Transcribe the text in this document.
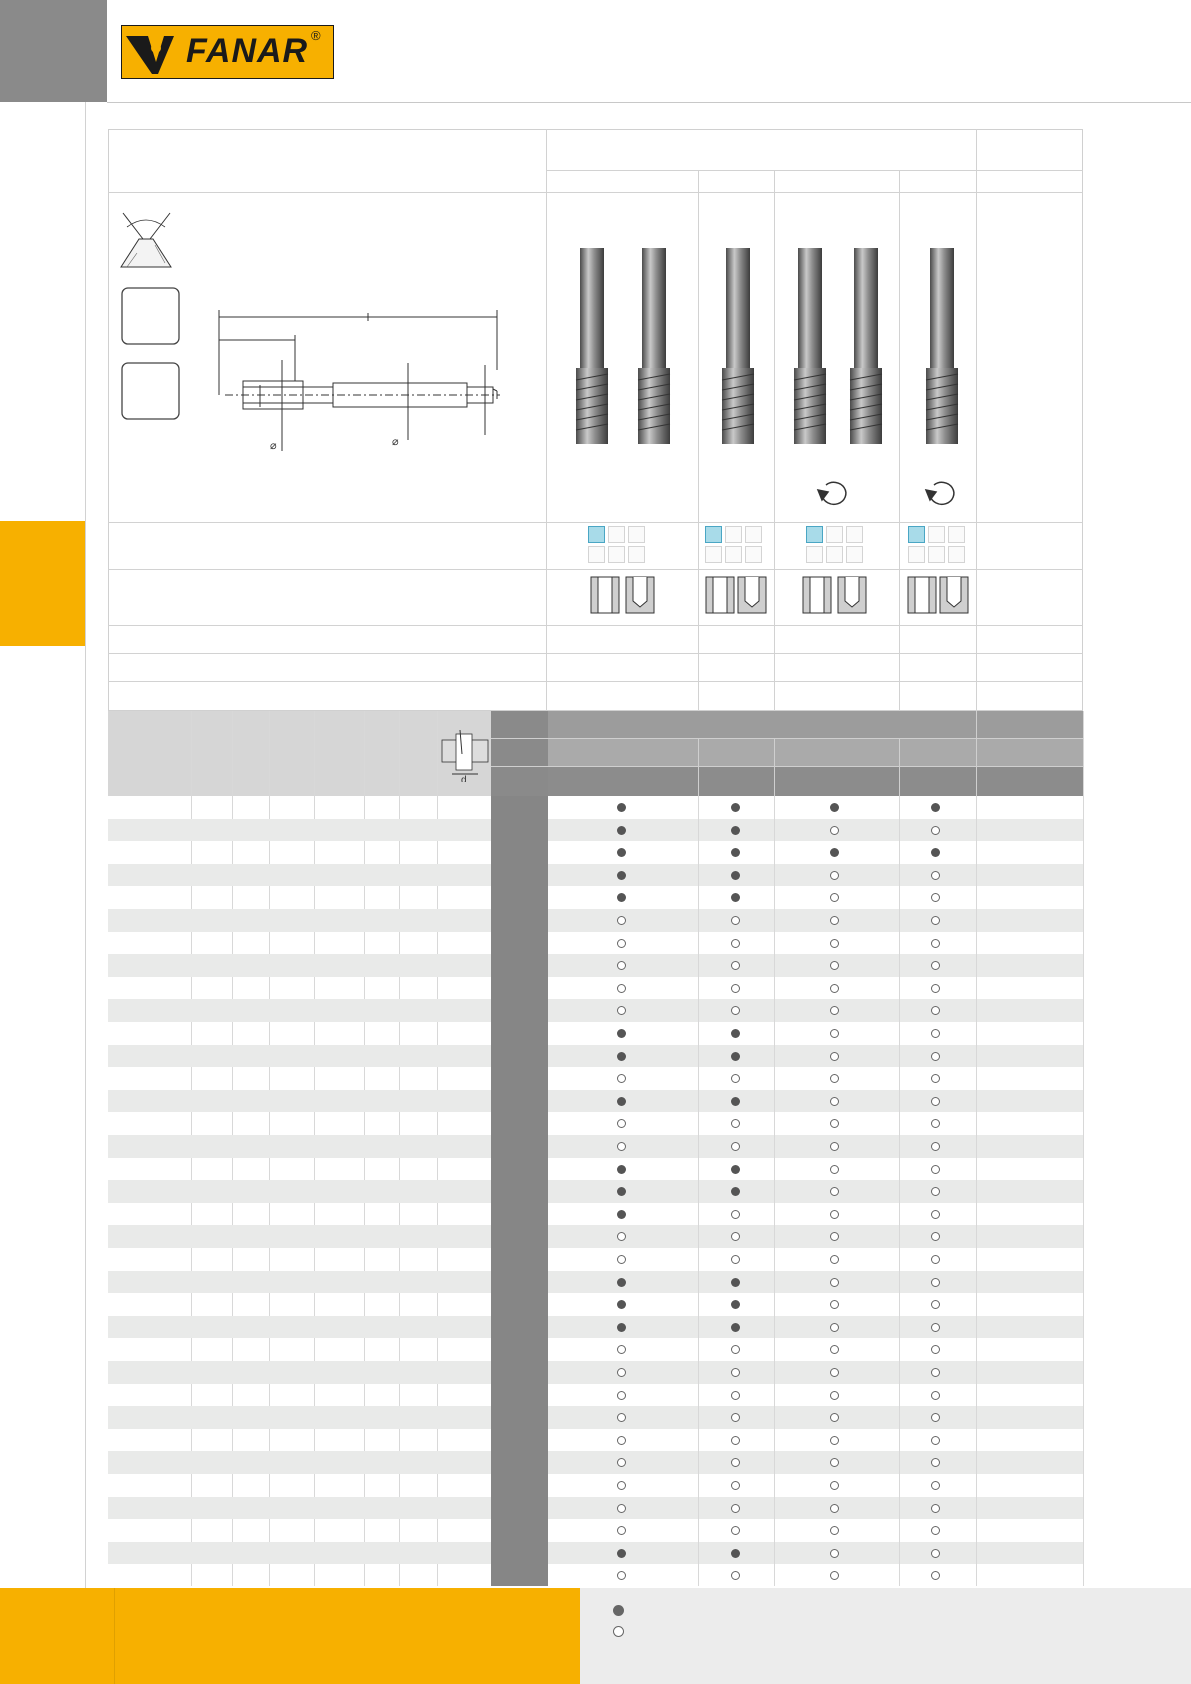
FANAR ®
⌀	⌀
d
